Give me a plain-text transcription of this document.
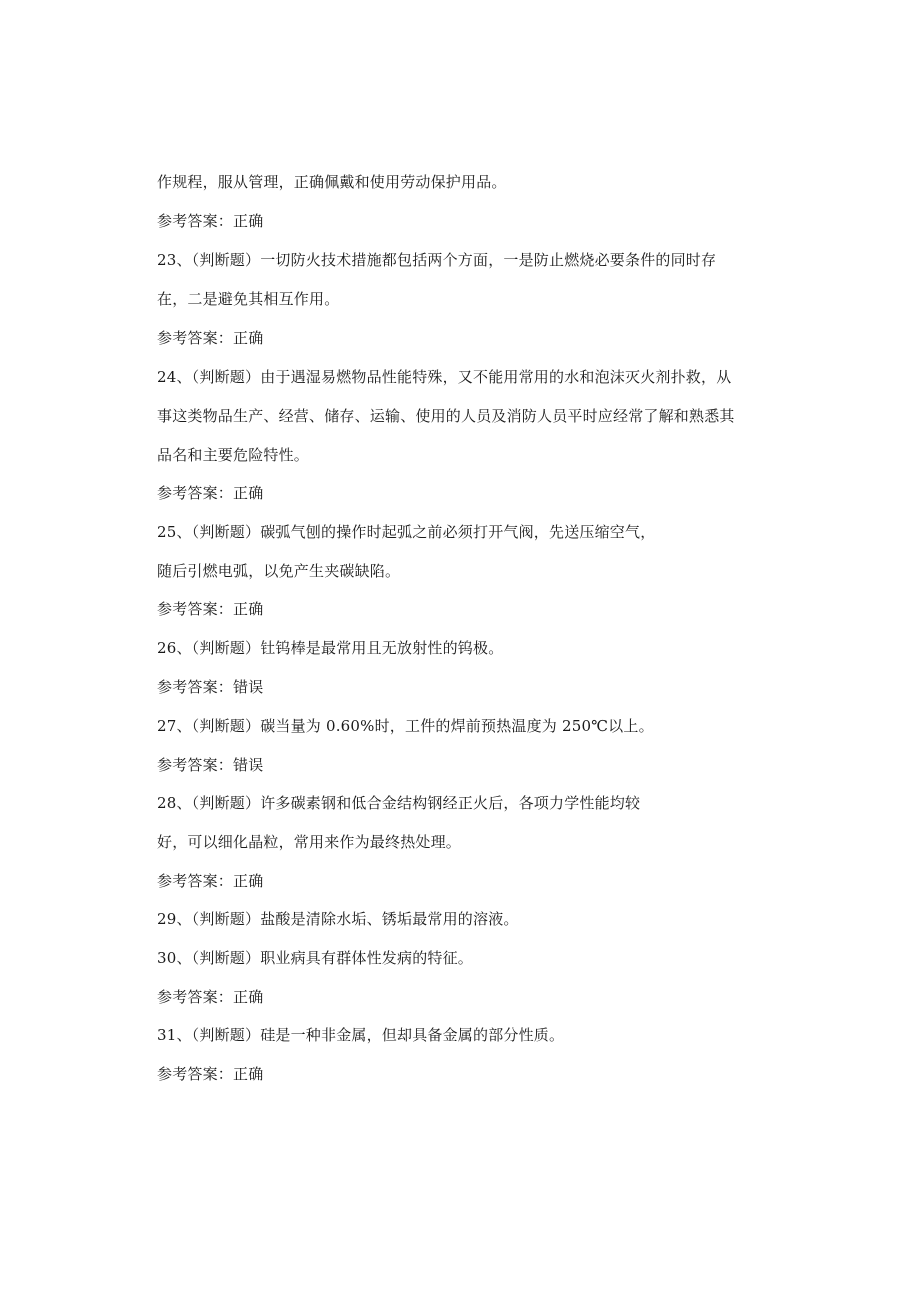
作规程，服从管理，正确佩戴和使用劳动保护用品。
参考答案：正确
23、（判断题）一切防火技术措施都包括两个方面，一是防止燃烧必要条件的同时存
在，二是避免其相互作用。
参考答案：正确
24、（判断题）由于遇湿易燃物品性能特殊，又不能用常用的水和泡沫灭火剂扑救，从
事这类物品生产、经营、储存、运输、使用的人员及消防人员平时应经常了解和熟悉其
品名和主要危险特性。
参考答案：正确
25、（判断题）碳弧气刨的操作时起弧之前必须打开气阀，先送压缩空气，
随后引燃电弧，以免产生夹碳缺陷。
参考答案：正确
26、（判断题）钍钨棒是最常用且无放射性的钨极。
参考答案：错误
27、（判断题）碳当量为 0.60%时，工件的焊前预热温度为 250℃以上。
参考答案：错误
28、（判断题）许多碳素钢和低合金结构钢经正火后，各项力学性能均较
好，可以细化晶粒，常用来作为最终热处理。
参考答案：正确
29、（判断题）盐酸是清除水垢、锈垢最常用的溶液。
30、（判断题）职业病具有群体性发病的特征。
参考答案：正确
31、（判断题）硅是一种非金属，但却具备金属的部分性质。
参考答案：正确
